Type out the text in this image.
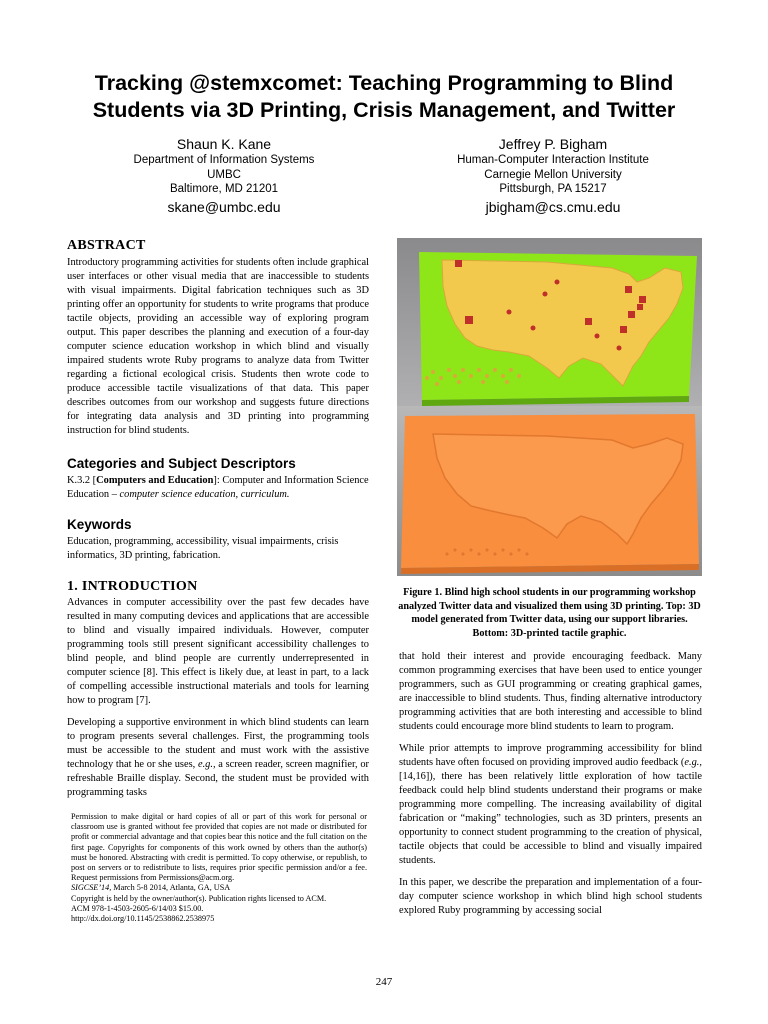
Tracking @stemxcomet: Teaching Programming to Blind
Students via 3D Printing, Crisis Management, and Twitter
Shaun K. Kane
Department of Information Systems
UMBC
Baltimore, MD 21201
skane@umbc.edu
Jeffrey P. Bigham
Human-Computer Interaction Institute
Carnegie Mellon University
Pittsburgh, PA 15217
jbigham@cs.cmu.edu
ABSTRACT
Introductory programming activities for students often include graphical user interfaces or other visual media that are inaccessible to students with visual impairments. Digital fabrication techniques such as 3D printing offer an opportunity for students to write programs that produce tactile objects, providing an accessible way of exploring program output. This paper describes the planning and execution of a four-day computer science education workshop in which blind and visually impaired students wrote Ruby programs to analyze data from Twitter regarding a fictional ecological crisis. Students then wrote code to produce accessible tactile visualizations of that data. This paper describes outcomes from our workshop and suggests future directions for integrating data analysis and 3D printing into programming instruction for blind students.
Categories and Subject Descriptors
K.3.2 [Computers and Education]: Computer and Information Science Education – computer science education, curriculum.
Keywords
Education, programming, accessibility, visual impairments, crisis informatics, 3D printing, fabrication.
1. INTRODUCTION
Advances in computer accessibility over the past few decades have resulted in many computing devices and applications that are accessible to blind and visually impaired individuals. However, computer programming tools still present significant accessibility challenges to blind people, and blind people are currently underrepresented in computer science [8]. This effect is likely due, at least in part, to a lack of compelling accessible instructional materials and tools for learning how to program [7].
Developing a supportive environment in which blind students can learn to program presents several challenges. First, the programming tools must be accessible to the student and must work with the assistive technology that he or she uses, e.g., a screen reader, screen magnifier, or refreshable Braille display. Second, the student must be provided with programming tasks
Permission to make digital or hard copies of all or part of this work for personal or classroom use is granted without fee provided that copies are not made or distributed for profit or commercial advantage and that copies bear this notice and the full citation on the first page. Copyrights for components of this work owned by others than the author(s) must be honored. Abstracting with credit is permitted. To copy otherwise, or republish, to post on servers or to redistribute to lists, requires prior specific permission and/or a fee. Request permissions from Permissions@acm.org.
SIGCSE’14, March 5-8 2014, Atlanta, GA, USA
Copyright is held by the owner/author(s). Publication rights licensed to ACM.
ACM 978-1-4503-2605-6/14/03 $15.00.
http://dx.doi.org/10.1145/2538862.2538975
Figure 1. Blind high school students in our programming workshop analyzed Twitter data and visualized them using 3D printing. Top: 3D model generated from Twitter data, using our support libraries. Bottom: 3D-printed tactile graphic.
that hold their interest and provide encouraging feedback. Many common programming exercises that have been used to entice younger programmers, such as GUI programming or creating graphical games, are inaccessible to blind students. Thus, finding alternative introductory programming activities that are both interesting and accessible to blind students could encourage more blind students to learn to program.
While prior attempts to improve programming accessibility for blind students have often focused on providing improved audio feedback (e.g., [14,16]), there has been relatively little exploration of how tactile feedback could help blind students understand their programs or make programming more compelling. The increasing availability of digital fabrication or “making” technologies, such as 3D printers, presents an opportunity to connect student programming to the creation of physical, tactile objects that could be accessible to blind and visually impaired students.
In this paper, we describe the preparation and implementation of a four-day computer science workshop in which blind high school students explored Ruby programming by accessing social
247
